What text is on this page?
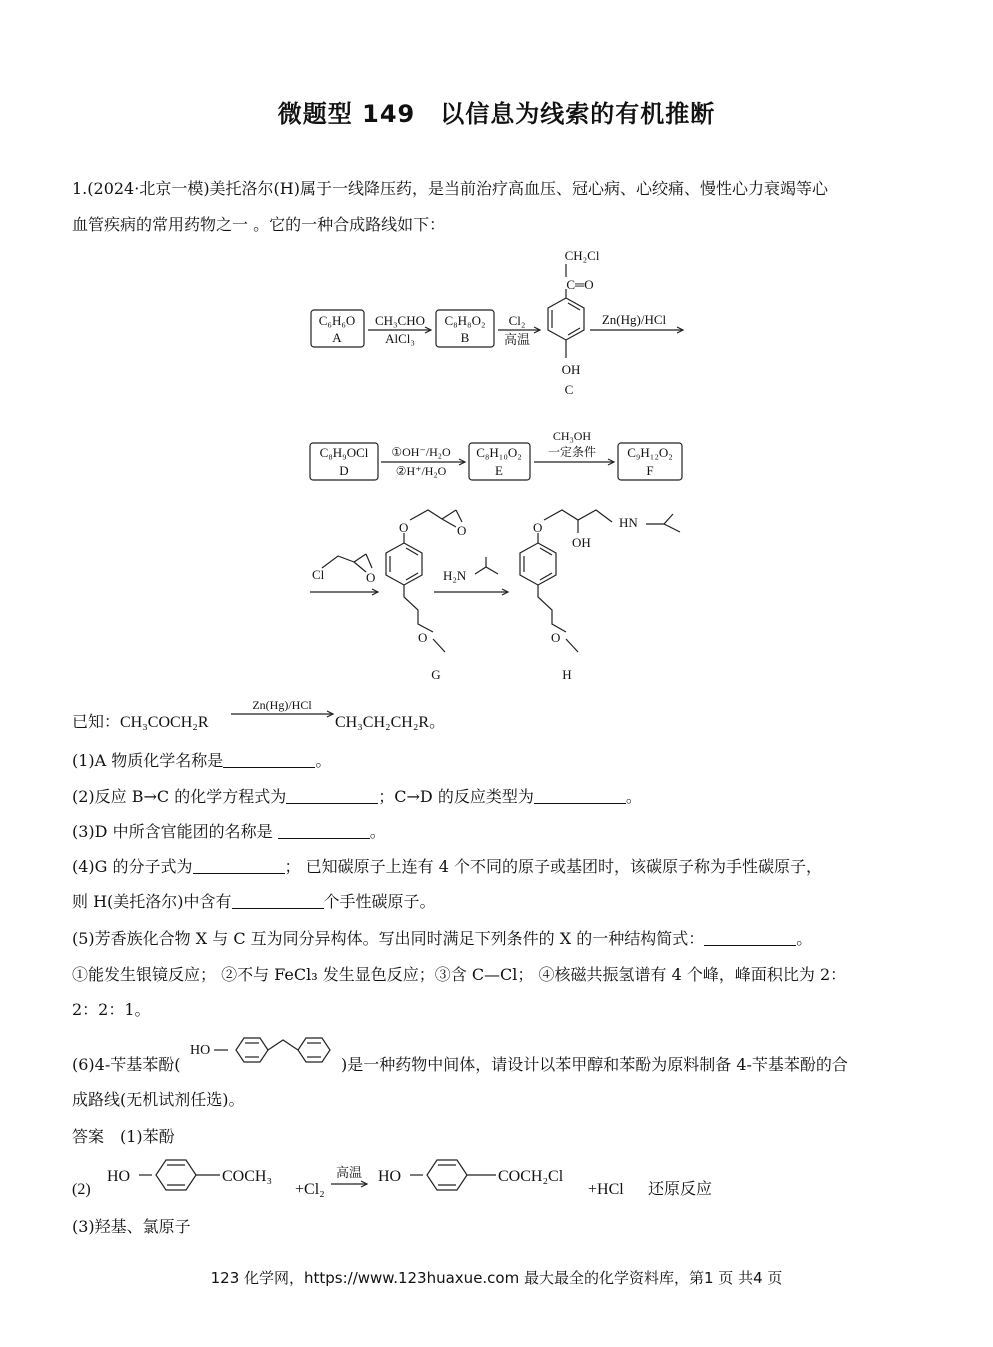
微题型 149　以信息为线索的有机推断
1.(2024·北京一模)美托洛尔(H)属于一线降压药，是当前治疗高血压、冠心病、心绞痛、慢性心力衰竭等心
血管疾病的常用药物之一 。它的一种合成路线如下：
C₆H₆O
A
CH₃CHO
AlCl₃
C₈H₈O₂
B
Cl₂
高温
CH₂Cl
C═O
OH
C
Zn(Hg)/HCl
C₈H₉OCl
D
①OH⁻/H₂O
②H⁺/H₂O
C₈H₁₀O₂
E
CH₃OH
一定条件 C₉H₁₂O₂
F
Cl	O
O	O
O
G
H₂N
O
OH
HN
O
H
已知：CH₃COCH₂R
Zn(Hg)/HCl
CH₃CH₂CH₂R。
HO
(2)
HO	COCH₃
+Cl₂
高温 HO	COCH₂Cl
+HCl 还原反应
(1)A 物质化学名称是	。
(2)反应 B→C 的化学方程式为	；C→D 的反应类型为	。
(3)D 中所含官能团的名称是	。
(4)G 的分子式为	； 已知碳原子上连有 4 个不同的原子或基团时，该碳原子称为手性碳原子，
则 H(美托洛尔)中含有	个手性碳原子。
(5)芳香族化合物 X 与 C 互为同分异构体。写出同时满足下列条件的 X 的一种结构简式：	。
①能发生银镜反应； ②不与 FeCl₃ 发生显色反应；③含 C—Cl； ④核磁共振氢谱有 4 个峰，峰面积比为 2：
2：2：1。
(6)4-苄基苯酚(	)是一种药物中间体，请设计以苯甲醇和苯酚为原料制备 4-苄基苯酚的合
成路线(无机试剂任选)。
答案　(1)苯酚
(3)羟基、氯原子
123 化学网，https://www.123huaxue.com 最大最全的化学资料库，第1 页 共4 页
